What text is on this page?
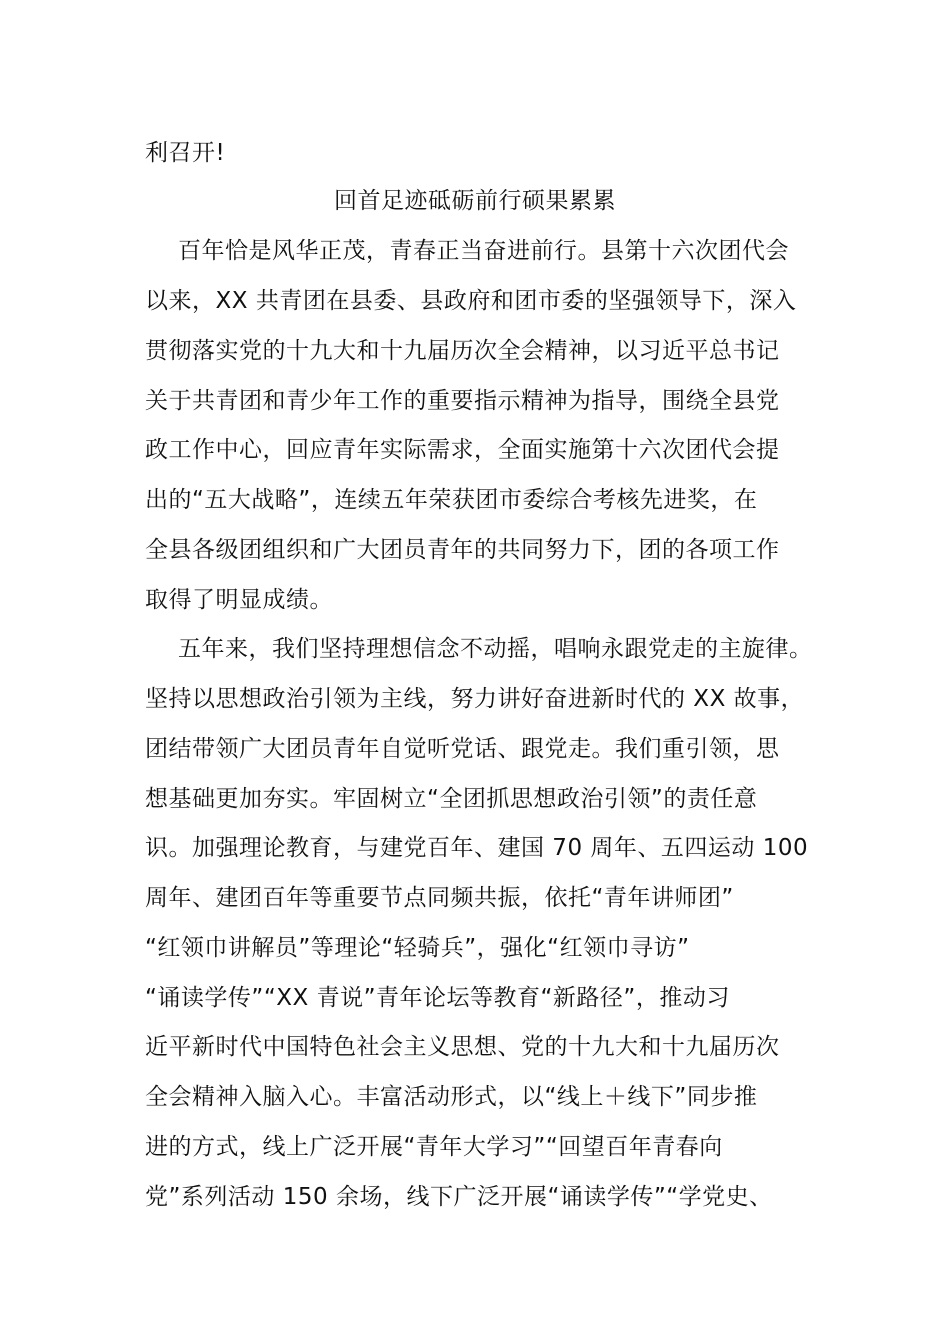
利召开!
回首足迹砥砺前行硕果累累
百年恰是风华正茂，青春正当奋进前行。县第十六次团代会
以来，XX 共青团在县委、县政府和团市委的坚强领导下，深入
贯彻落实党的十九大和十九届历次全会精神，以习近平总书记
关于共青团和青少年工作的重要指示精神为指导，围绕全县党
政工作中心，回应青年实际需求，全面实施第十六次团代会提
出的“五大战略”，连续五年荣获团市委综合考核先进奖，在
全县各级团组织和广大团员青年的共同努力下，团的各项工作
取得了明显成绩。
五年来，我们坚持理想信念不动摇，唱响永跟党走的主旋律。
坚持以思想政治引领为主线，努力讲好奋进新时代的 XX 故事，
团结带领广大团员青年自觉听党话、跟党走。我们重引领，思
想基础更加夯实。牢固树立“全团抓思想政治引领”的责任意
识。加强理论教育，与建党百年、建国 70 周年、五四运动 100
周年、建团百年等重要节点同频共振，依托“青年讲师团”
“红领巾讲解员”等理论“轻骑兵”，强化“红领巾寻访”
“诵读学传”“XX 青说”青年论坛等教育“新路径”，推动习
近平新时代中国特色社会主义思想、党的十九大和十九届历次
全会精神入脑入心。丰富活动形式，以“线上＋线下”同步推
进的方式，线上广泛开展“青年大学习”“回望百年青春向
党”系列活动 150 余场，线下广泛开展“诵读学传”“学党史、
